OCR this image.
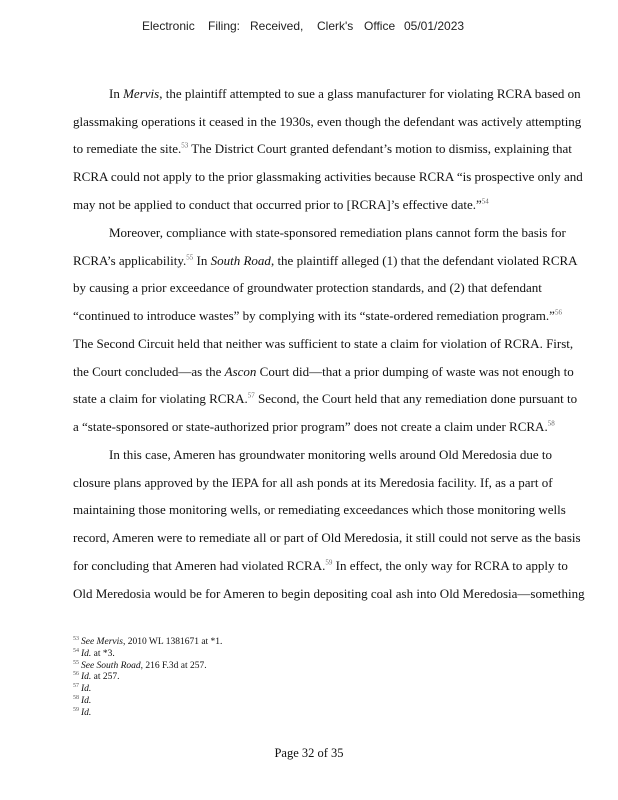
Electronic Filing: Received, Clerk's Office 05/01/2023
In Mervis, the plaintiff attempted to sue a glass manufacturer for violating RCRA based on
glassmaking operations it ceased in the 1930s, even though the defendant was actively attempting
to remediate the site.$^{53}$ The District Court granted defendant’s motion to dismiss, explaining that
RCRA could not apply to the prior glassmaking activities because RCRA “is prospective only and
may not be applied to conduct that occurred prior to [RCRA]’s effective date.”$^{54}$
Moreover, compliance with state-sponsored remediation plans cannot form the basis for
RCRA’s applicability.$^{55}$ In South Road, the plaintiff alleged (1) that the defendant violated RCRA
by causing a prior exceedance of groundwater protection standards, and (2) that defendant
“continued to introduce wastes” by complying with its “state-ordered remediation program.”$^{56}$
The Second Circuit held that neither was sufficient to state a claim for violation of RCRA. First,
the Court concluded—as the Ascon Court did—that a prior dumping of waste was not enough to
state a claim for violating RCRA.$^{57}$ Second, the Court held that any remediation done pursuant to
a “state-sponsored or state-authorized prior program” does not create a claim under RCRA.$^{58}$
In this case, Ameren has groundwater monitoring wells around Old Meredosia due to
closure plans approved by the IEPA for all ash ponds at its Meredosia facility. If, as a part of
maintaining those monitoring wells, or remediating exceedances which those monitoring wells
record, Ameren were to remediate all or part of Old Meredosia, it still could not serve as the basis
for concluding that Ameren had violated RCRA.$^{59}$ In effect, the only way for RCRA to apply to
Old Meredosia would be for Ameren to begin depositing coal ash into Old Meredosia—something
$^{53}$ See Mervis, 2010 WL 1381671 at *1.
$^{54}$ Id. at *3.
$^{55}$ See South Road, 216 F.3d at 257.
$^{56}$ Id. at 257.
$^{57}$ Id.
$^{58}$ Id.
$^{59}$ Id.
Page 32 of 35
